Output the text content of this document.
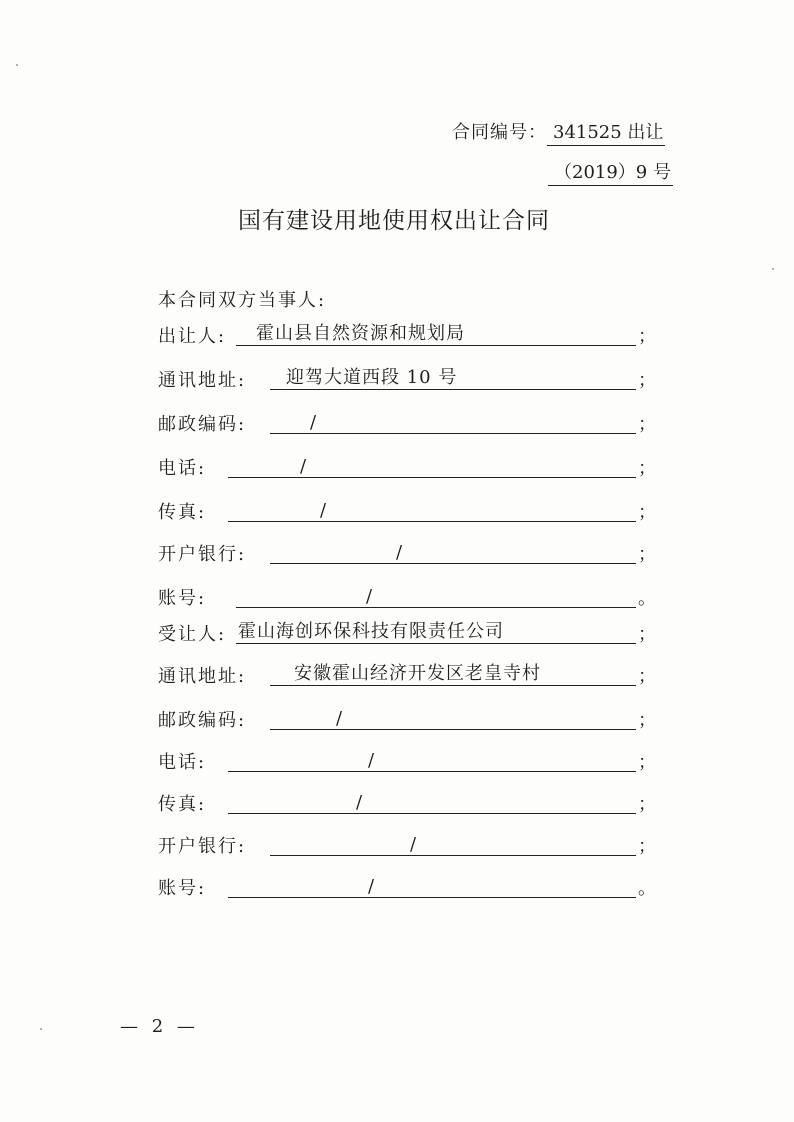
合同编号： 341525 出让
（2019）9 号
国有建设用地使用权出让合同
本合同双方当事人:
出让人: 霍山县自然资源和规划局	；
通讯地址: 迎驾大道西段 10 号	；
邮政编码:	/	；
电话:	/	；
传真:	/	；
开户银行:	/	；
账号:	/	。
受让人: 霍山海创环保科技有限责任公司	；
通讯地址:	安徽霍山经济开发区老皇寺村	；
邮政编码:	/	；
电话:	/	；
传真:	/	；
开户银行:	/	；
账号:	/	。
— 2 —
